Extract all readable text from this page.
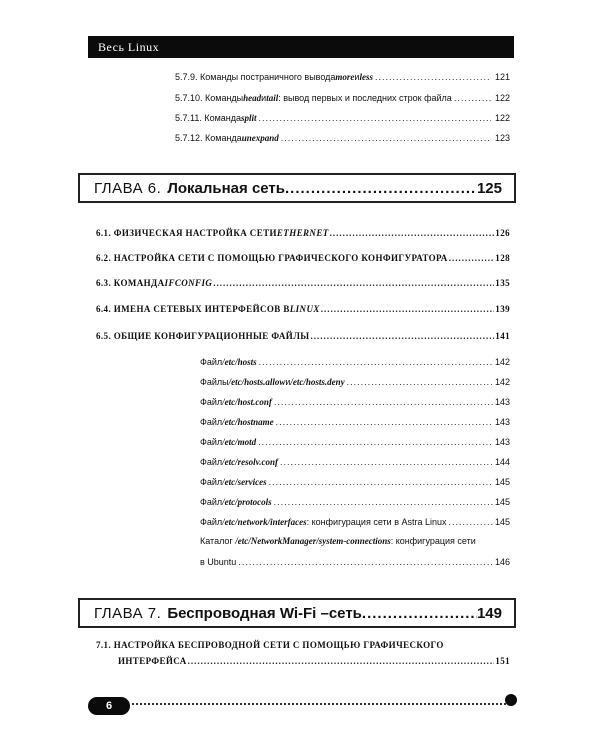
Весь Linux
5.7.9. Команды постраничного вывода more и less .....	121
5.7.10. Команды head и tail : вывод первых и последних строк файла .....	122
5.7.11. Команда split .....	122
5.7.12. Команда unexpand .....	123
ГЛАВА 6. Локальная сеть .....	125
6.1. ФИЗИЧЕСКАЯ НАСТРОЙКА СЕТИ ETHERNET .....	126
6.2. НАСТРОЙКА СЕТИ С ПОМОЩЬЮ ГРАФИЧЕСКОГО КОНФИГУРАТОРА .....	128
6.3. КОМАНДА IFCONFIG .....	135
6.4. ИМЕНА СЕТЕВЫХ ИНТЕРФЕЙСОВ В LINUX .....	139
6.5. ОБЩИЕ КОНФИГУРАЦИОННЫЕ ФАЙЛЫ .....	141
Файл /etc/hosts .....	142
Файлы /etc/hosts.allow и /etc/hosts.deny .....	142
Файл /etc/host.conf .....	143
Файл /etc/hostname .....	143
Файл /etc/motd .....	143
Файл /etc/resolv.conf .....	144
Файл /etc/services .....	145
Файл /etc/protocols .....	145
Файл /etc/network/interfaces : конфигурация сети в Astra Linux .....	145
Каталог /etc/NetworkManager/system-connections: конфигурация сети
в Ubuntu .....	146
ГЛАВА 7. Беспроводная Wi-Fi –сеть .....	149
7.1. НАСТРОЙКА БЕСПРОВОДНОЙ СЕТИ С ПОМОЩЬЮ ГРАФИЧЕСКОГО
ИНТЕРФЕЙСА .....	151
6
